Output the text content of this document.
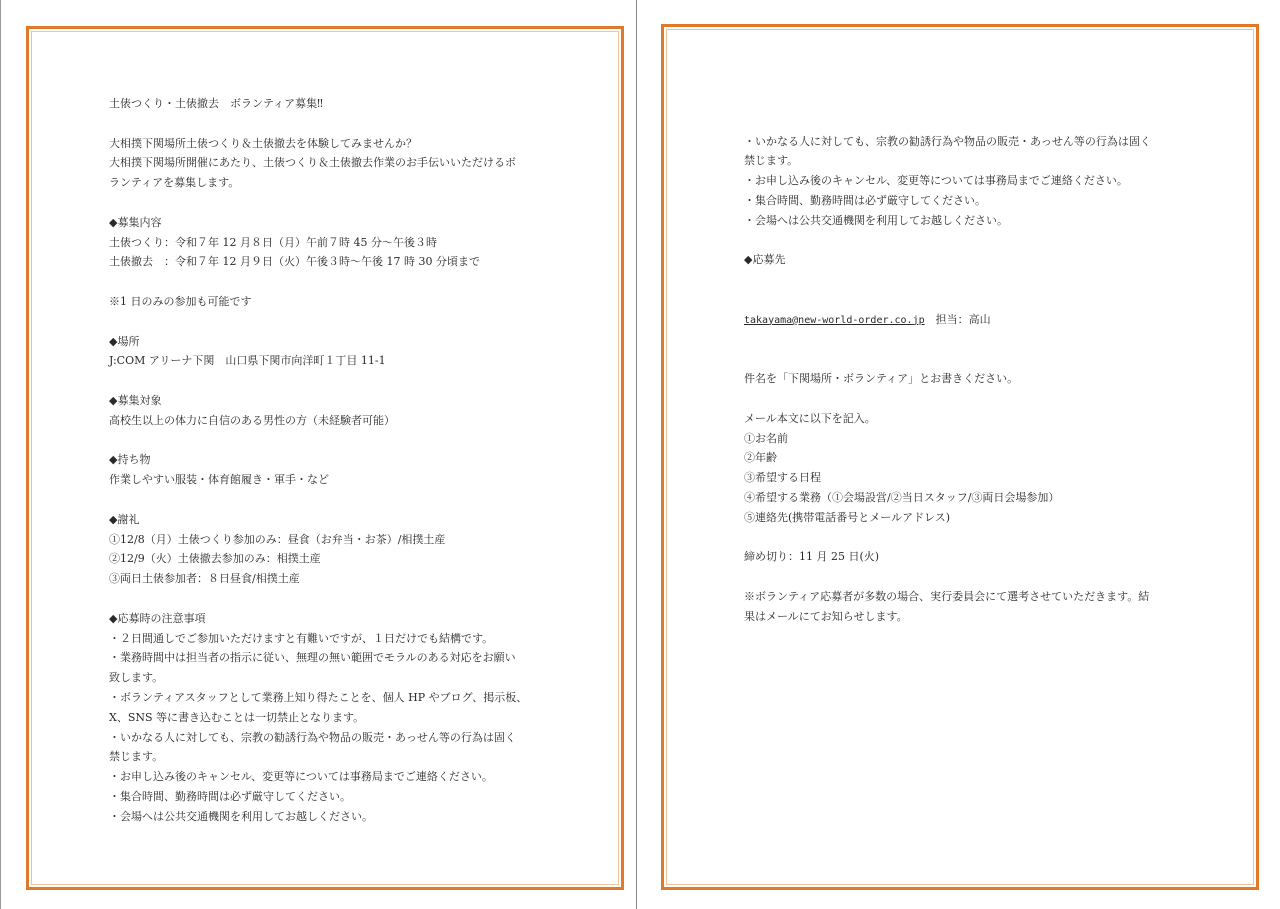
土俵つくり・土俵撤去　ボランティア募集‼
大相撲下関場所土俵つくり＆土俵撤去を体験してみませんか？
大相撲下関場所開催にあたり、土俵つくり＆土俵撤去作業のお手伝いいただけるボ
ランティアを募集します。
◆募集内容
土俵つくり：令和７年 12 月８日（月）午前７時 45 分～午後３時
土俵撤去　：令和７年 12 月９日（火）午後３時～午後 17 時 30 分頃まで
※1 日のみの参加も可能です
◆場所
J:COM アリーナ下関　山口県下関市向洋町１丁目 11-1
◆募集対象
高校生以上の体力に自信のある男性の方（未経験者可能）
◆持ち物
作業しやすい服装・体育館履き・軍手・など
◆謝礼
①12/8（月）土俵つくり参加のみ：昼食（お弁当・お茶）/相撲土産
②12/9（火）土俵撤去参加のみ：相撲土産
③両日土俵参加者：８日昼食/相撲土産
◆応募時の注意事項
・２日間通しでご参加いただけますと有難いですが、１日だけでも結構です。
・業務時間中は担当者の指示に従い、無理の無い範囲でモラルのある対応をお願い
致します。
・ボランティアスタッフとして業務上知り得たことを、個人 HP やブログ、掲示板、
X、SNS 等に書き込むことは一切禁止となります。
・いかなる人に対しても、宗教の勧誘行為や物品の販売・あっせん等の行為は固く
禁じます。
・お申し込み後のキャンセル、変更等については事務局までご連絡ください。
・集合時間、勤務時間は必ず厳守してください。
・会場へは公共交通機関を利用してお越しください。

・いかなる人に対しても、宗教の勧誘行為や物品の販売・あっせん等の行為は固く
禁じます。
・お申し込み後のキャンセル、変更等については事務局までご連絡ください。
・集合時間、勤務時間は必ず厳守してください。
・会場へは公共交通機関を利用してお越しください。
◆応募先

takayama@new-world-order.co.jp　担当：高山

件名を「下関場所・ボランティア」とお書きください。
メール本文に以下を記入。
①お名前
②年齢
③希望する日程
④希望する業務（①会場設営/②当日スタッフ/③両日会場参加）
⑤連絡先(携帯電話番号とメールアドレス)
締め切り：11 月 25 日(火)
※ボランティア応募者が多数の場合、実行委員会にて選考させていただきます。結
果はメールにてお知らせします。
